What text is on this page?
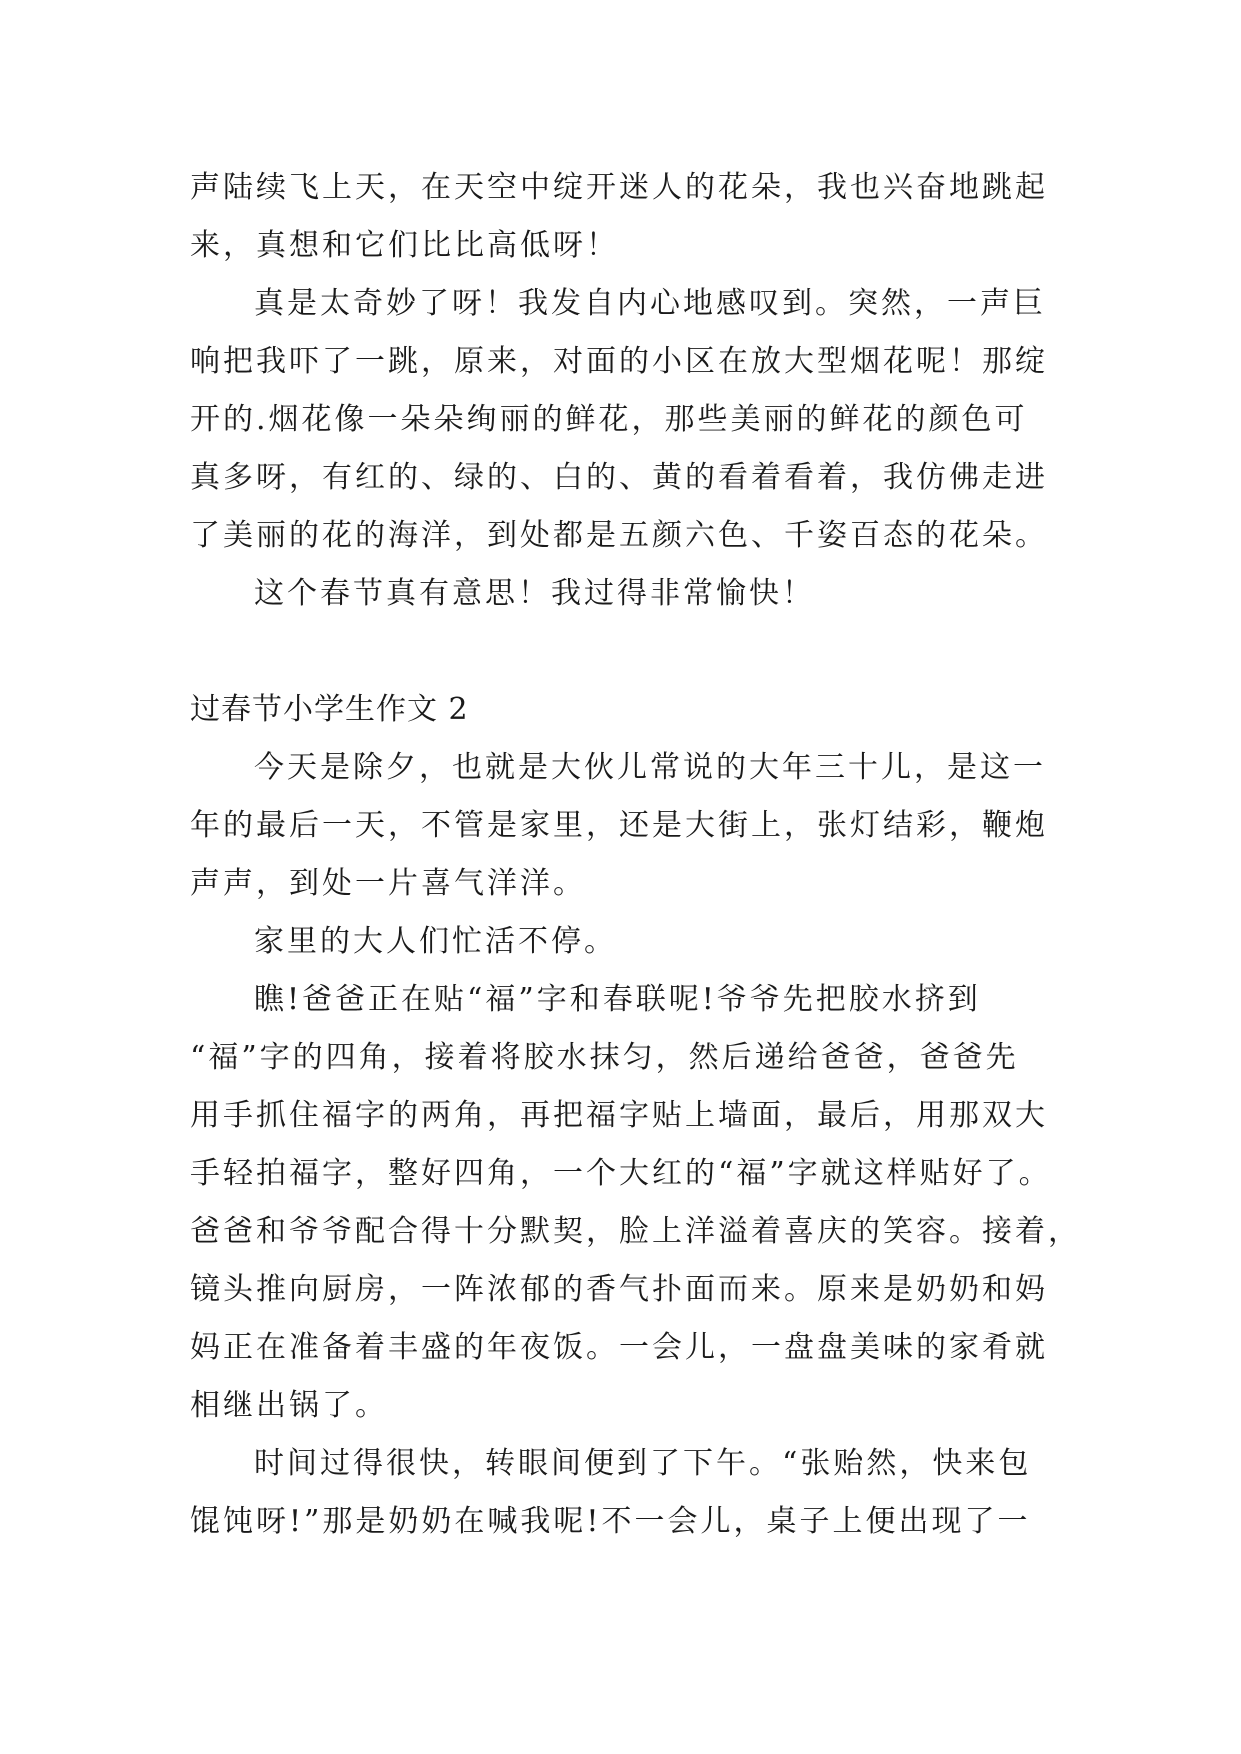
声陆续飞上天，在天空中绽开迷人的花朵，我也兴奋地跳起
来，真想和它们比比高低呀！
真是太奇妙了呀！我发自内心地感叹到。突然，一声巨
响把我吓了一跳，原来，对面的小区在放大型烟花呢！那绽
开的.烟花像一朵朵绚丽的鲜花，那些美丽的鲜花的颜色可
真多呀，有红的、绿的、白的、黄的看着看着，我仿佛走进
了美丽的花的海洋，到处都是五颜六色、千姿百态的花朵。
这个春节真有意思！我过得非常愉快！
过春节小学生作文 2
今天是除夕，也就是大伙儿常说的大年三十儿，是这一
年的最后一天，不管是家里，还是大街上，张灯结彩，鞭炮
声声，到处一片喜气洋洋。
家里的大人们忙活不停。
瞧!爸爸正在贴“福”字和春联呢!爷爷先把胶水挤到
“福”字的四角，接着将胶水抹匀，然后递给爸爸，爸爸先
用手抓住福字的两角，再把福字贴上墙面，最后，用那双大
手轻拍福字，整好四角，一个大红的“福”字就这样贴好了。
爸爸和爷爷配合得十分默契，脸上洋溢着喜庆的笑容。接着，
镜头推向厨房，一阵浓郁的香气扑面而来。原来是奶奶和妈
妈正在准备着丰盛的年夜饭。一会儿，一盘盘美味的家肴就
相继出锅了。
时间过得很快，转眼间便到了下午。“张贻然，快来包
馄饨呀!”那是奶奶在喊我呢!不一会儿，桌子上便出现了一
